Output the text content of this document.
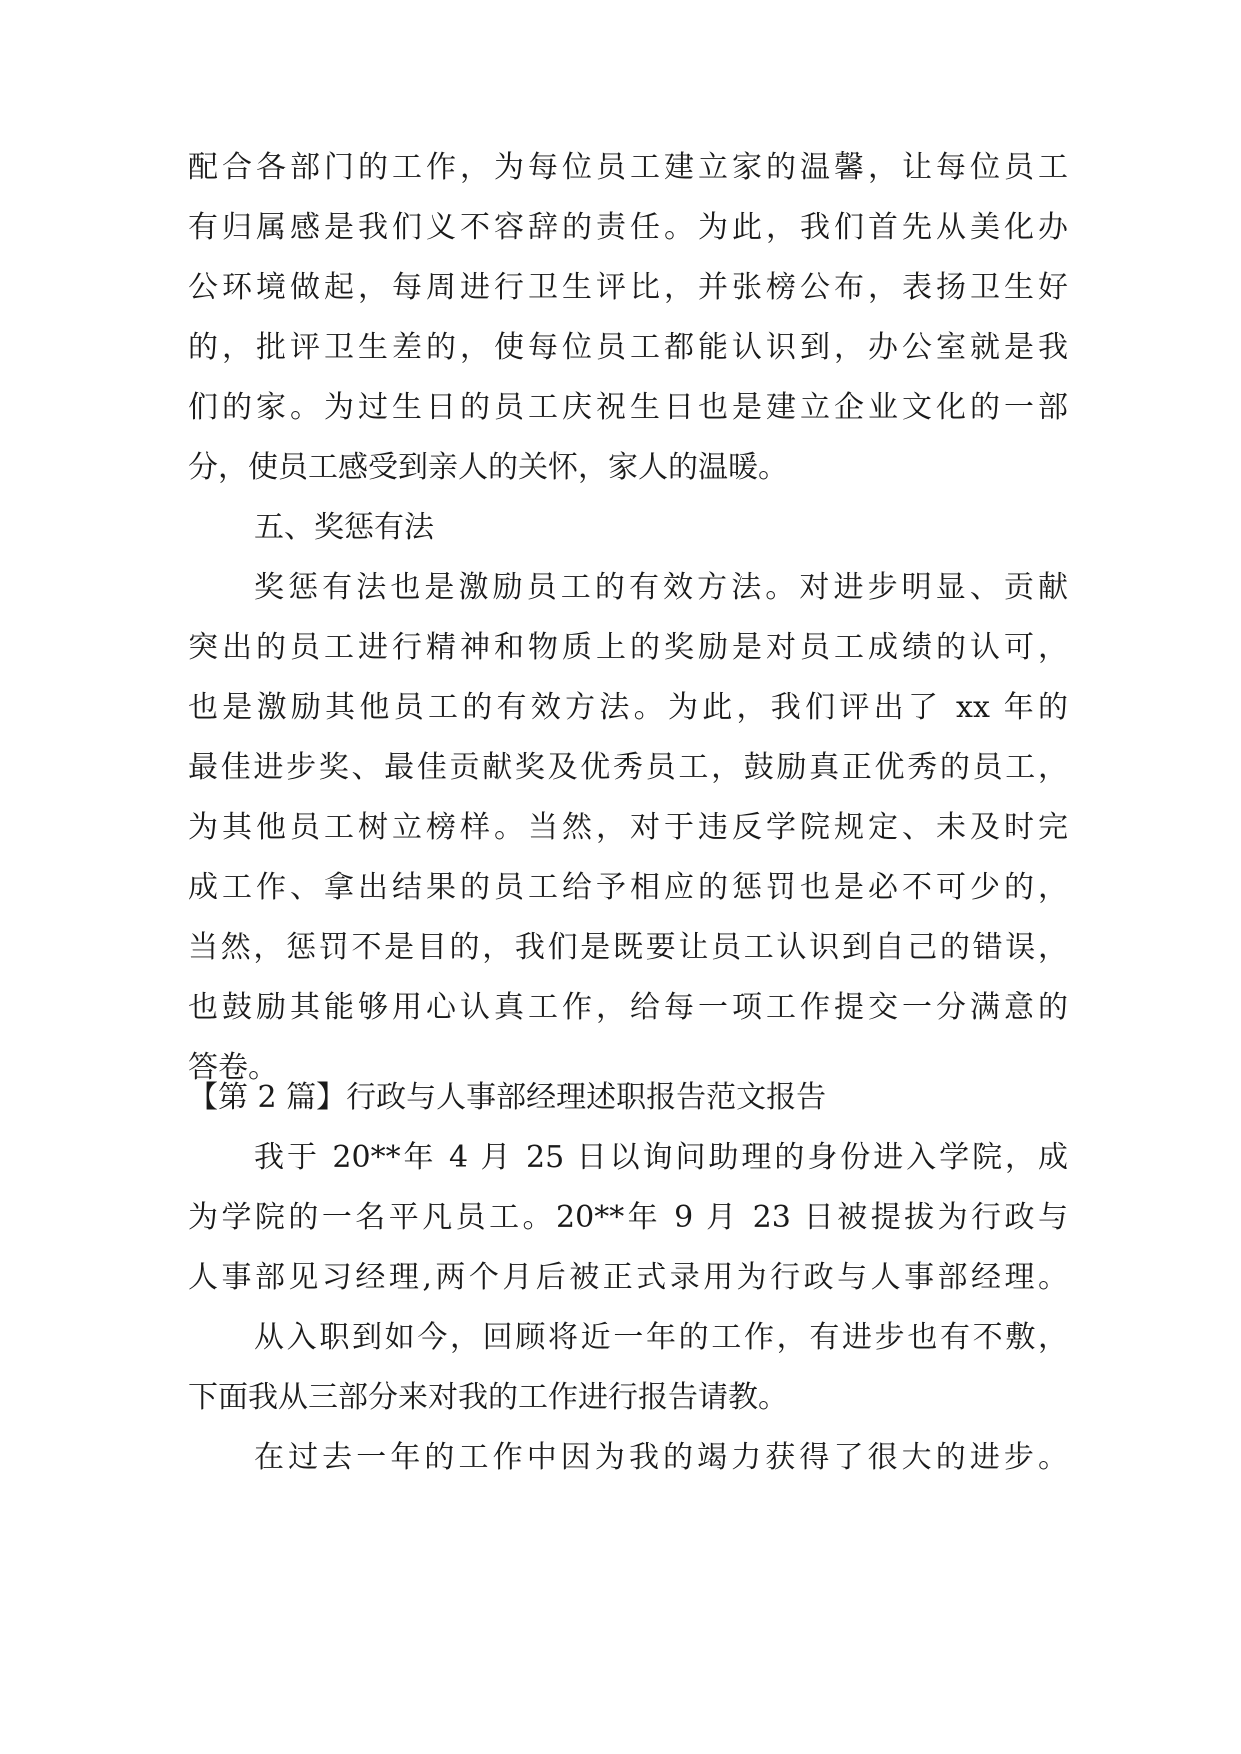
配合各部门的工作，为每位员工建立家的温馨，让每位员工
有归属感是我们义不容辞的责任。为此，我们首先从美化办
公环境做起，每周进行卫生评比，并张榜公布，表扬卫生好
的，批评卫生差的，使每位员工都能认识到，办公室就是我
们的家。为过生日的员工庆祝生日也是建立企业文化的一部
分，使员工感受到亲人的关怀，家人的温暖。
五、奖惩有法
奖惩有法也是激励员工的有效方法。对进步明显、贡献
突出的员工进行精神和物质上的奖励是对员工成绩的认可，
也是激励其他员工的有效方法。为此，我们评出了 xx 年的
最佳进步奖、最佳贡献奖及优秀员工，鼓励真正优秀的员工，
为其他员工树立榜样。当然，对于违反学院规定、未及时完
成工作、拿出结果的员工给予相应的惩罚也是必不可少的，
当然，惩罚不是目的，我们是既要让员工认识到自己的错误，
也鼓励其能够用心认真工作，给每一项工作提交一分满意的
答卷。
【第 2 篇】行政与人事部经理述职报告范文报告
我于 20**年 4 月 25 日以询问助理的身份进入学院，成
为学院的一名平凡员工。20**年 9 月 23 日被提拔为行政与
人事部见习经理,两个月后被正式录用为行政与人事部经理。
从入职到如今，回顾将近一年的工作，有进步也有不敷，
下面我从三部分来对我的工作进行报告请教。
在过去一年的工作中因为我的竭力获得了很大的进步。
